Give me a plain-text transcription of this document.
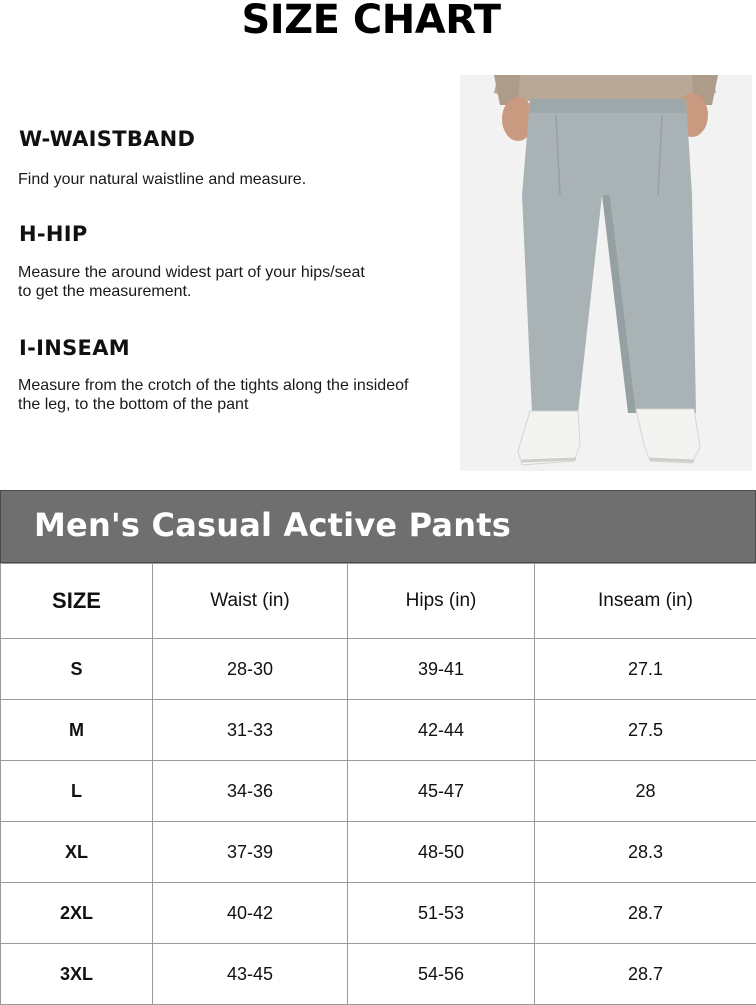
SIZE CHART
W-WAISTBAND
Find your natural waistline and measure.
H-HIP
Measure the around widest part of your hips/seat to get the measurement.
I-INSEAM
Measure from the crotch of the tights along the insideof the leg, to the bottom of the pant
Men's Casual Active Pants
SIZE	Waist (in)	Hips (in)	Inseam (in)
S	28-30	39-41	27.1
M	31-33	42-44	27.5
L	34-36	45-47	28
XL	37-39	48-50	28.3
2XL	40-42	51-53	28.7
3XL	43-45	54-56	28.7
